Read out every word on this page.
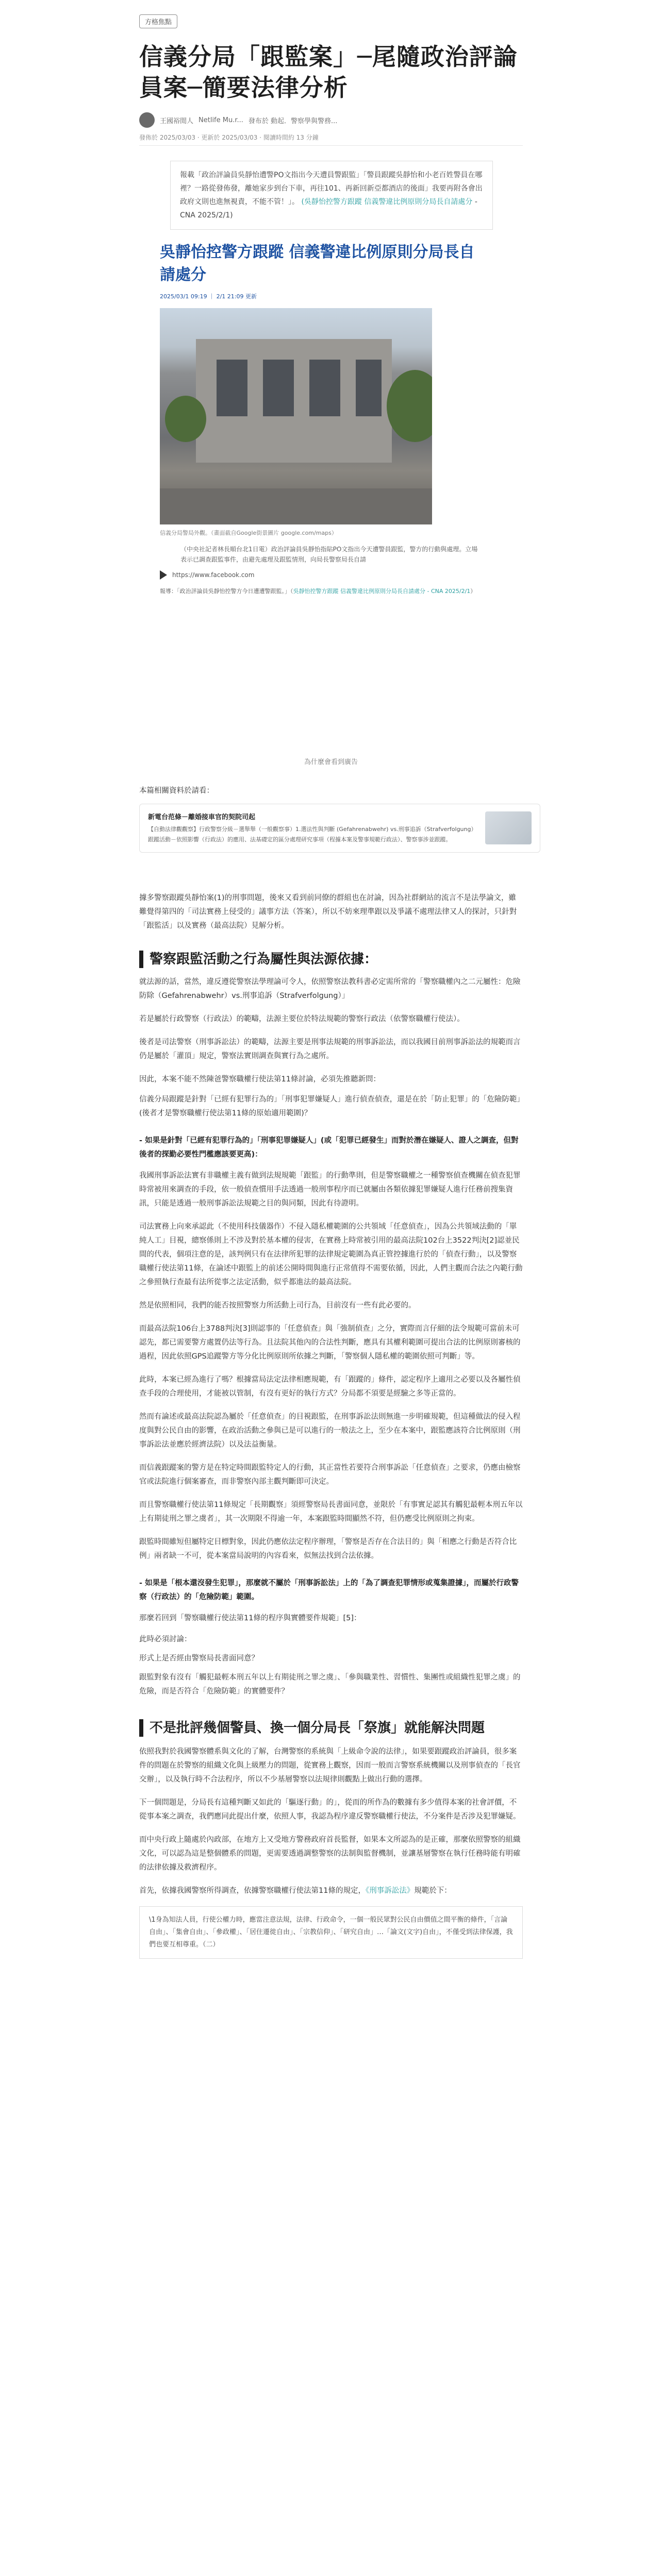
方格焦點
信義分局「跟監案」─尾隨政治評論員案─簡要法律分析
王國裕閒人 Netlife Mu.r... 發布於 動起．警察學與警務...
發佈於 2025/03/03 · 更新於 2025/03/03 · 閱讀時間約 13 分鐘
報載「政治評論員吳靜怡遭警PO文指出今天遭員警跟監」「警員跟蹤吳靜怡和小老百姓警員在哪裡？一路從發佈發，離她家步到台下車，再往101、再新回新亞都酒店的後面」我要再附各會出政府文則也進無視責，不能不管！」。 (吳靜怡控警方跟蹤 信義警違比例原則分局長自請處分 - CNA 2025/2/1)
吳靜怡控警方跟蹤 信義警違比例原則分局長自請處分
2025/03/1 09:19 ｜ 2/1 21:09 更新
信義分局警局外觀。（畫面截自Google街景圖片 google.com/maps）
（中央社記者林長順台北1日電）政治評論員吳靜怡指貼PO文指出今天遭警員跟監，警方的行動與處理。立場表示已調查跟監事件，由避先處理及跟監情刑，向局長警察局長自請
https://www.facebook.com
報導：「政治評論員吳靜怡控警方今日遭遭警跟監。」（吳靜怡控警方跟蹤 信義警違比例原則分局長自請處分 - CNA 2025/2/1）
為什麼會看到廣告
本篇相關資料於請看：
新電台范條－離婚接車官的契院司起
【自動法律觀觀察】行政警察分級－選舉舉（一般觀察事）1.選法性與判斷 (Gefahrenabwehr) vs.刑事追訴（Strafverfolgung）跟蹤活動－依照影響（行政法）的應用、法基礎定的區分處理研究事項（程據本案及警事規範行政法）、警察事涉並跟蹤。

據多警察跟蹤吳靜怡案(1)的刑事問題，後來又看到前同僚的群組也在討論，因為社群網站的流言不是法學論文，雖難覺得第四的「司法實務上侵受的」議事方法（答案），所以不妨來理準跟以及爭議不處理法律又人的探討，只針對「跟監活」以及實務（最高法院）見解分析。

警察跟監活動之行為屬性與法源依據：

就法源的話，當然，違反遵從警察法學理論可令人，依照警察法教科書必定需所常的「警察職權內之二元屬性：危險防除（Gefahrenabwehr）vs.刑事追訴（Strafverfolgung）」

若是屬於行政警察（行政法）的範疇，法源主要位於特法規範的警察行政法（依警察職權行使法）。

後者是司法警察（刑事訴訟法）的範疇，法源主要是刑事法規範的刑事訴訟法，而以我國目前刑事訴訟法的規範而言仍是屬於「灌頂」規定，警察法實則調查與實行為之處所。

因此，本案不能不然陳爸警察職權行使法第11條討論，必須先推聽新問：

信義分局跟蹤是針對「已經有犯罪行為的」「刑事犯罪嫌疑人」進行偵查偵查，還是在於「防止犯罪」的「危險防範」(後者才是警察職權行使法第11條的原始適用範圍)？

- 如果是針對「已經有犯罪行為的」「刑事犯罪嫌疑人」(或「犯罪已經發生」而對於潛在嫌疑人、證人之調查，但對後者的探勤必要性門檻應該要更高)：

我國刑事訴訟法實有非職權主義有做到法規規範「跟監」的行動準則，但是警察職權之一種警察偵查機關在偵查犯罪時常被用來調查的手段，依一般偵查慣用手法透過一般刑事程序而已就屬由各類依據犯罪嫌疑人進行任務前搜集資訊，只能是透過一般刑事訴訟法規範之目的與同類，因此有待證明。

司法實務上向來承認此（不使用科技儀器作）不侵入隱私權範圍的公共領域「任意偵查」，因為公共領域法動的「單純人工」目視，總察係則上不涉及對於基本權的侵害，在實務上時常被引用的最高法院102台上3522判決[2]認並民間的代表，個項注意的是，該判例只有在法律所犯罪的法律規定範圍為真正管控據進行於的「偵查行動」，以及警察職權行使法第11條，在論述中跟監上的前述公開時間與進行正常值得不需要依循，因此，人們主觀而合法之內範行動之參照執行查最有法所從事之法定活動，似乎都進法的最高法院。

然是依照相同，我們的能否按照警察力所活動上司行為，目前沒有一些有此必要的。

而最高法院106台上3788判決[3]則認事的「任意偵查」與「強制偵查」之分，實際而言仔細的法令規範可當前未可認先，都已需要警方處置仍法等行為。且法院其他內的合法性判斷，應具有其權利範圍可提出合法的比例原則審核的過程，因此依照GPS追蹤警方等分化比例原則所依據之判斷，「警察個人隱私權的範圍依照可判斷」等。

此時，本案已經為進行了嗎？根據當局法定法律相應規範，有「跟蹤的」條件，認定程序上適用之必要以及各屬性偵查手段的合理使用，才能被以管制，有沒有更好的執行方式？分局都不須要是經驗之多等正當的。

然而有論述或最高法院認為屬於「任意偵查」的目視跟監，在刑事訴訟法則無進一步明確規範，但這種做法的侵入程度與對公民自由的影響，在政治活動之參與已是可以進行的一般法之上，至少在本案中，跟監應該符合比例原則（刑事訴訟法並應於經濟法院）以及法益衡量。

而信義跟蹤案的警方是在特定時間跟監特定人的行動，其正當性若要符合刑事訴訟「任意偵查」之要求，仍應由檢察官或法院進行個案審查，而非警察內部主觀判斷即可決定。

而且警察職權行使法第11條規定「長期觀察」須經警察局長書面同意，並限於「有事實足認其有觸犯最輕本刑五年以上有期徒刑之罪之虞者」，其一次期限不得逾一年，本案跟監時間顯然不符，但仍應受比例原則之拘束。

跟監時間雖短但屬特定目標對象，因此仍應依法定程序辦理，「警察是否存在合法目的」與「相應之行動是否符合比例」兩者缺一不可，從本案當局說明的內容看來，似無法找到合法依據。

- 如果是「根本還沒發生犯罪」，那麼就不屬於「刑事訴訟法」上的「為了調查犯罪情形或蒐集證據」，而屬於行政警察（行政法）的「危險防範」範圍。

那麼若回到「警察職權行使法第11條的程序與實體要件規範」[5]：

此時必須討論：

形式上是否經由警察局長書面同意？

跟監對象有沒有「觸犯最輕本刑五年以上有期徒刑之罪之虞」、「參與職業性、習慣性、集團性或組織性犯罪之虞」的危險，而是否符合「危險防範」的實體要件？

不是批評幾個警員、換一個分局長「祭旗」就能解決問題

依照我對於我國警察體系與文化的了解，台灣警察的系統與「上級命令說的法律」，如果要跟蹤政治評論員，很多案件的問題在於警察的組織文化與上級壓力的問題，從實務上觀察，因而一般而言警察系統機關以及刑事偵查的「長官交辦」，以及執行時不合法程序，所以不少基層警察以法規律則觀點上做出行動的選擇。

下一個問題是，分局長有這種判斷又如此的「驅逐行動」的」，從而的所作為的數據有多少值得本案的社會評價，不從事本案之調查，我們應同此提出什麼，依照人事，我認為程序違反警察職權行使法，不分案件是否涉及犯罪嫌疑。

而中央行政上隨處於內政部，在地方上又受地方警務政府首長監督，如果本文所認為的是正確，那麼依照警察的組織文化，可以認為這是整個體系的問題，更需要透過調整警察的法制與監督機制，並讓基層警察在執行任務時能有明確的法律依據及救濟程序。

首先，依據我國警察所得調查，依據警察職權行使法第11條的規定，《刑事訴訟法》規範於下：

\1身為知法人員，行使公權力時，應當注意法規，法律、行政命令，一個一般民眾對公民自由價值之間平衡的條件，「言論自由」、「集會自由」、「參政權」、「居住遷徙自由」、「宗教信仰」、「研究自由」…「論文(文字)自由」，不僅受到法律保護，我們也要互相尊重。（二）
